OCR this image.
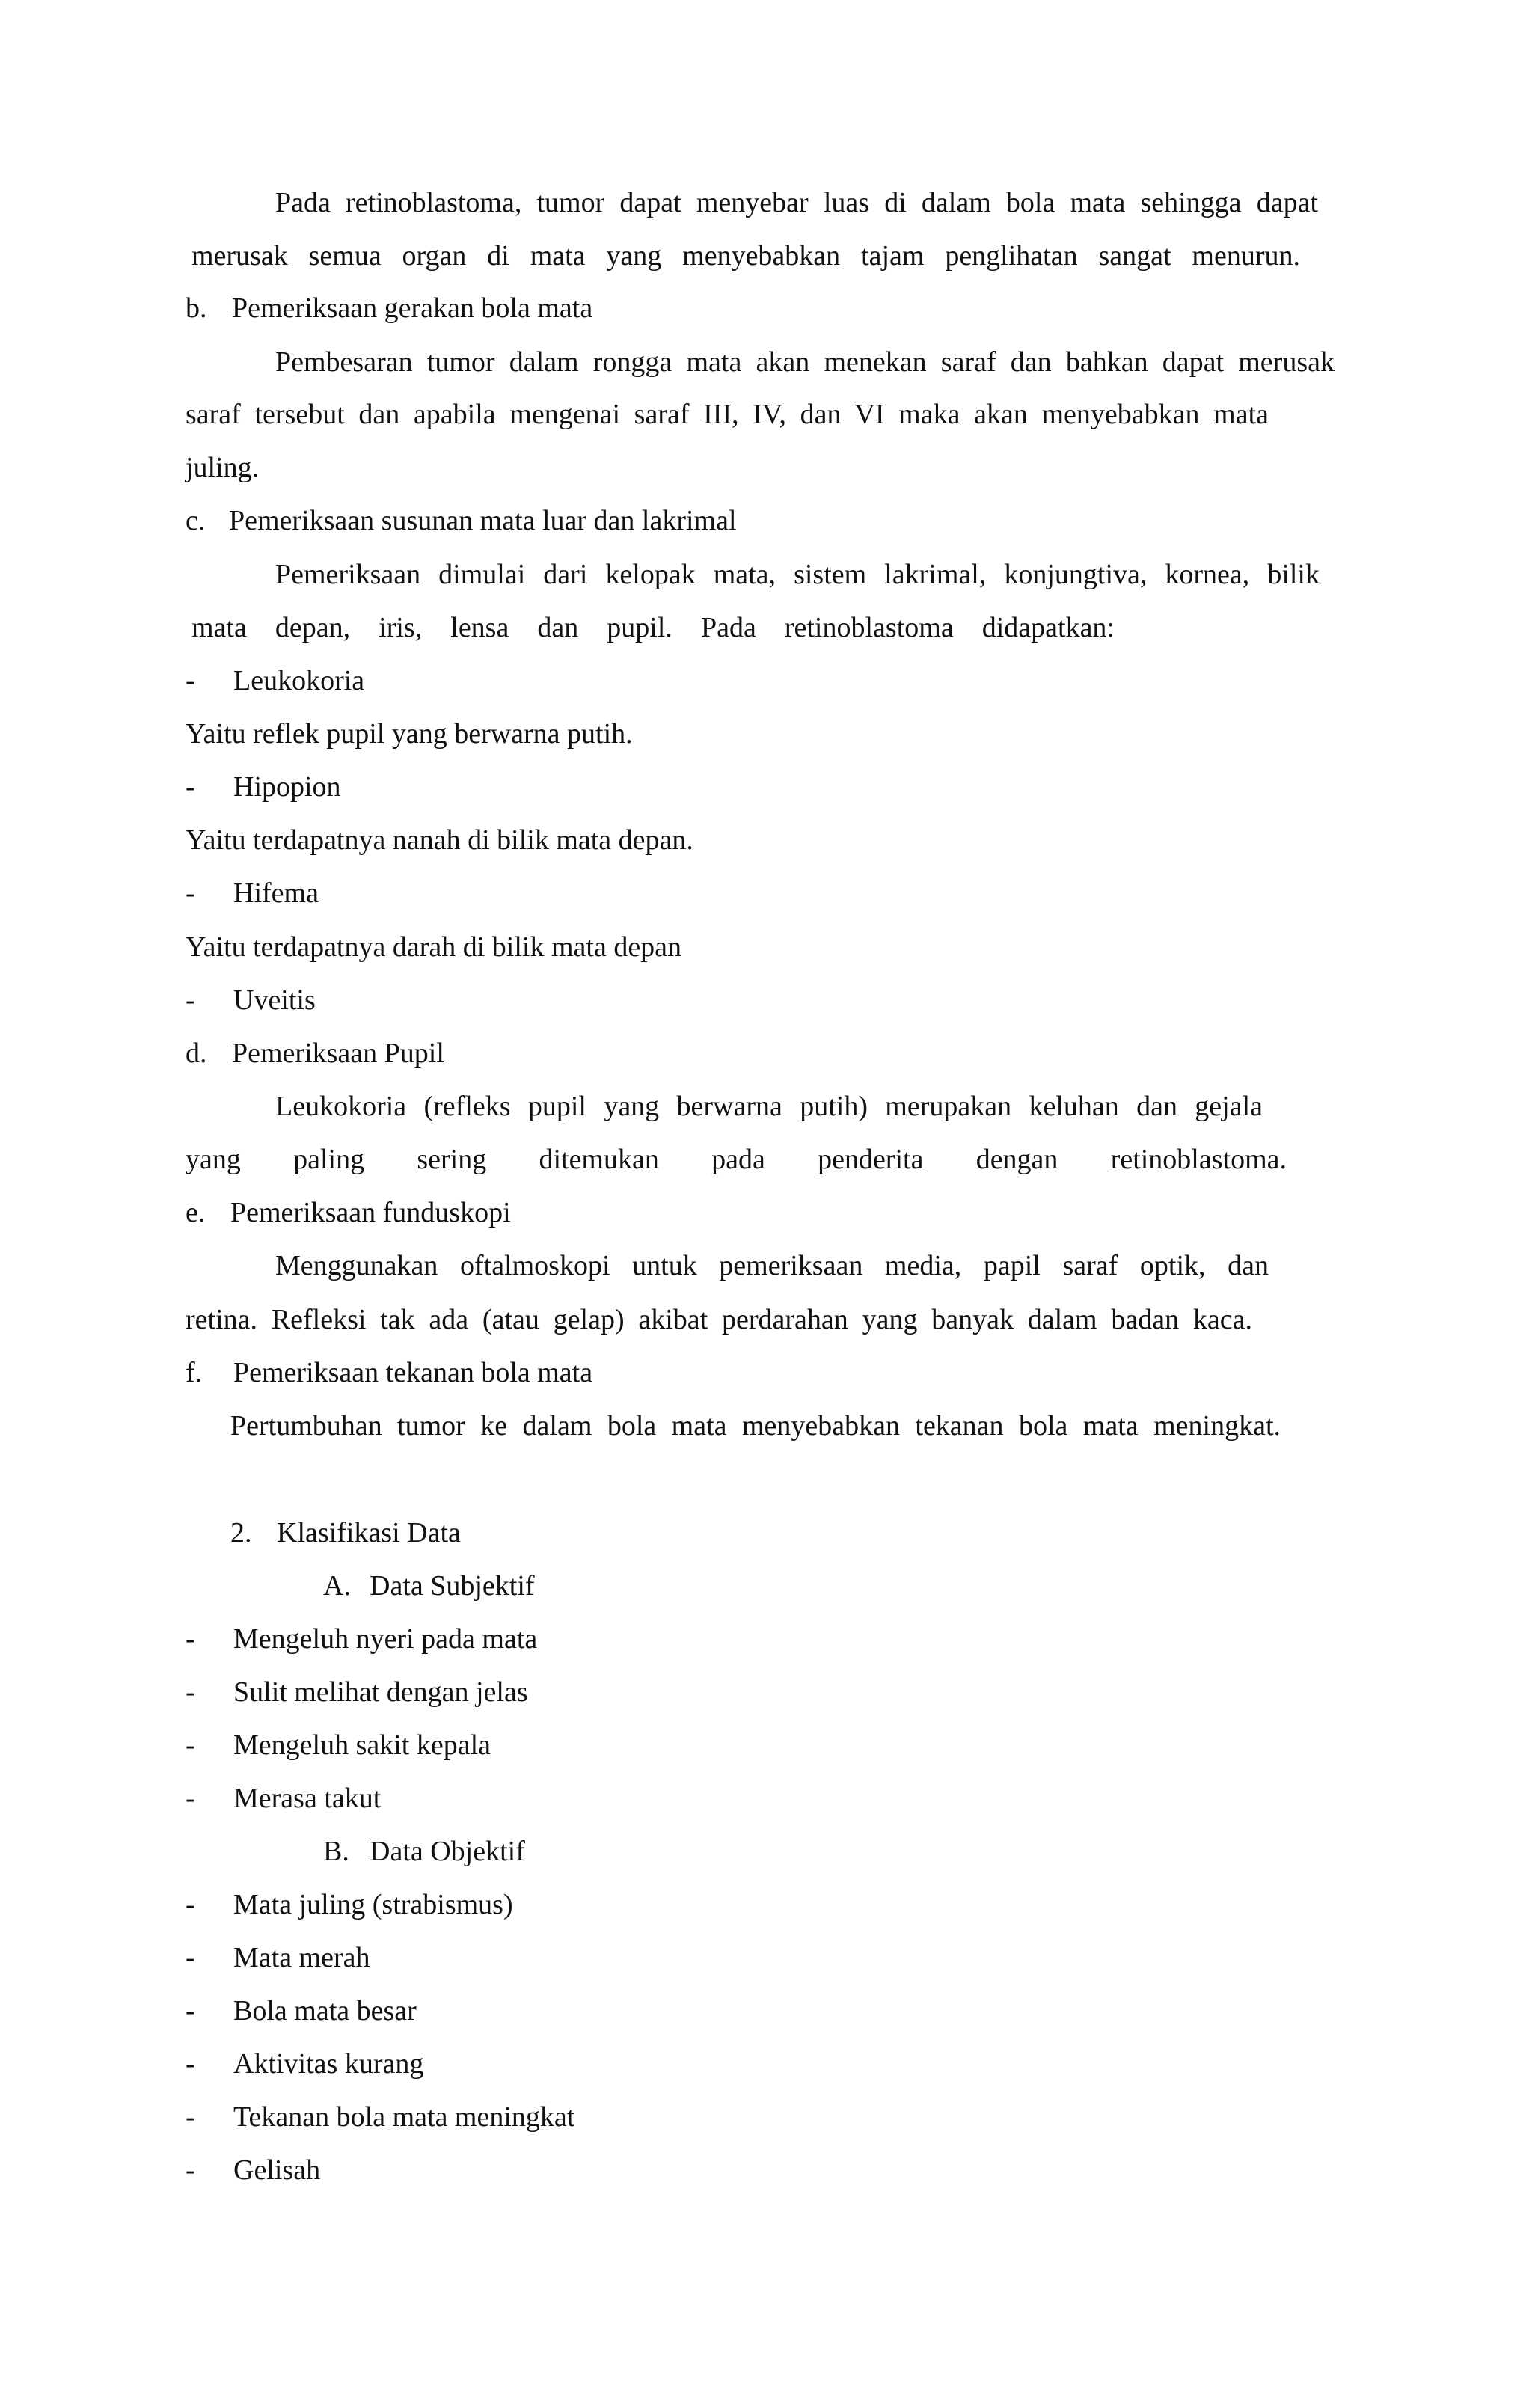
Pada retinoblastoma, tumor dapat menyebar luas di dalam bola mata sehingga dapat
merusak semua organ di mata yang menyebabkan tajam penglihatan sangat menurun.
b. Pemeriksaan gerakan bola mata
Pembesaran tumor dalam rongga mata akan menekan saraf dan bahkan dapat merusak
saraf tersebut dan apabila mengenai saraf III, IV, dan VI maka akan menyebabkan mata
juling.
c. Pemeriksaan susunan mata luar dan lakrimal
Pemeriksaan dimulai dari kelopak mata, sistem lakrimal, konjungtiva, kornea, bilik
mata depan, iris, lensa dan pupil. Pada retinoblastoma didapatkan:
- Leukokoria
Yaitu reflek pupil yang berwarna putih.
- Hipopion
Yaitu terdapatnya nanah di bilik mata depan.
- Hifema
Yaitu terdapatnya darah di bilik mata depan
- Uveitis
d. Pemeriksaan Pupil
Leukokoria (refleks pupil yang berwarna putih) merupakan keluhan dan gejala
yang paling sering ditemukan pada penderita dengan retinoblastoma.
e. Pemeriksaan funduskopi
Menggunakan oftalmoskopi untuk pemeriksaan media, papil saraf optik, dan
retina. Refleksi tak ada (atau gelap) akibat perdarahan yang banyak dalam badan kaca.
f. Pemeriksaan tekanan bola mata
Pertumbuhan tumor ke dalam bola mata menyebabkan tekanan bola mata meningkat.
2. Klasifikasi Data
A. Data Subjektif
- Mengeluh nyeri pada mata
- Sulit melihat dengan jelas
- Mengeluh sakit kepala
- Merasa takut
B. Data Objektif
- Mata juling (strabismus)
- Mata merah
- Bola mata besar
- Aktivitas kurang
- Tekanan bola mata meningkat
- Gelisah
